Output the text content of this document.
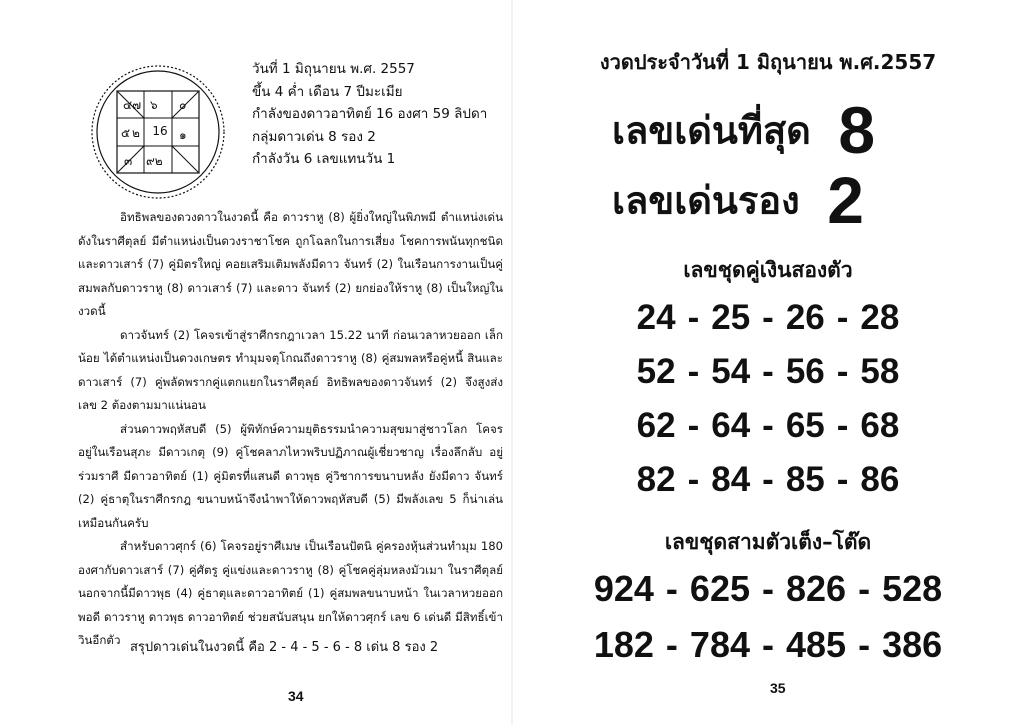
16
๔๗ ๖ ๐
๕ ๒
๓ ๙๒
๑
วันที่ 1 มิถุนายน พ.ศ. 2557
ขึ้น 4 ค่ำ เดือน 7 ปีมะเมีย
กำลังของดาวอาทิตย์ 16 องศา 59 ลิปดา
กลุ่มดาวเด่น 8 รอง 2
กำลังวัน 6 เลขแทนวัน 1

อิทธิพลของดวงดาวในงวดนี้ คือ ดาวราหู (8) ผู้ยิ่งใหญ่ในพิภพมี ตำแหน่งเด่นดังในราศีตุลย์ มีตำแหน่งเป็นดวงราชาโชค ถูกโฉลกในการเสี่ยง โชคการพนันทุกชนิด และดาวเสาร์ (7) คู่มิตรใหญ่ คอยเสริมเติมพลังมีดาว จันทร์ (2) ในเรือนการงานเป็นคู่สมพลกับดาวราหู (8) ดาวเสาร์ (7) และดาว จันทร์ (2) ยกย่องให้ราหู (8) เป็นใหญ่ในงวดนี้

ดาวจันทร์ (2) โคจรเข้าสู่ราศีกรกฎาเวลา 15.22 นาที ก่อนเวลาหวยออก เล็กน้อย ได้ตำแหน่งเป็นดวงเกษตร ทำมุมจตุโกณถึงดาวราหู (8) คู่สมพลหรือคู่หนี้ สินและดาวเสาร์ (7) คู่พลัดพรากคู่แตกแยกในราศีตุลย์ อิทธิพลของดาวจันทร์ (2) จึงสูงส่ง เลข 2 ต้องตามมาแน่นอน

ส่วนดาวพฤหัสบดี (5) ผู้พิทักษ์ความยุติธรรมนำความสุขมาสู่ชาวโลก โคจร อยู่ในเรือนสุภะ มีดาวเกตุ (9) คู่โชคลาภไหวพริบปฏิภาณผู้เชี่ยวชาญ เรื่องลึกลับ อยู่ร่วมราศี มีดาวอาทิตย์ (1) คู่มิตรที่แสนดี ดาวพุธ คู่วิชาการขนาบหลัง ยังมีดาว จันทร์ (2) คู่ธาตุในราศีกรกฎ ขนาบหน้าจึงนำพาให้ดาวพฤหัสบดี (5) มีพลังเลข 5 ก็น่าเล่นเหมือนกันครับ

สำหรับดาวศุกร์ (6) โคจรอยู่ราศีเมษ เป็นเรือนปัตนิ คู่ครองหุ้นส่วนทำมุม 180 องศากับดาวเสาร์ (7) คู่ศัตรู คู่แข่งและดาวราหู (8) คู่โชคคู่ลุ่มหลงมัวเมา ในราศีตุลย์ นอกจากนี้มีดาวพุธ (4) คู่ธาตุและดาวอาทิตย์ (1) คู่สมพลขนาบหน้า ในเวลาหวยออกพอดี ดาวราหู ดาวพุธ ดาวอาทิตย์ ช่วยสนับสนุน ยกให้ดาวศุกร์ เลข 6 เด่นดี มีสิทธิ์เข้าวินอีกตัว สรุปดาวเด่นในงวดนี้ คือ 2 - 4 - 5 - 6 - 8 เด่น 8 รอง 2
34
งวดประจำวันที่ 1 มิถุนายน พ.ศ.2557
เลขเด่นที่สุด 8
เลขเด่นรอง 2
เลขชุดคู่เงินสองตัว
24 - 25 - 26 - 28
52 - 54 - 56 - 58
62 - 64 - 65 - 68
82 - 84 - 85 - 86
เลขชุดสามตัวเต็ง–โต๊ด
924 - 625 - 826 - 528
182 - 784 - 485 - 386
35
